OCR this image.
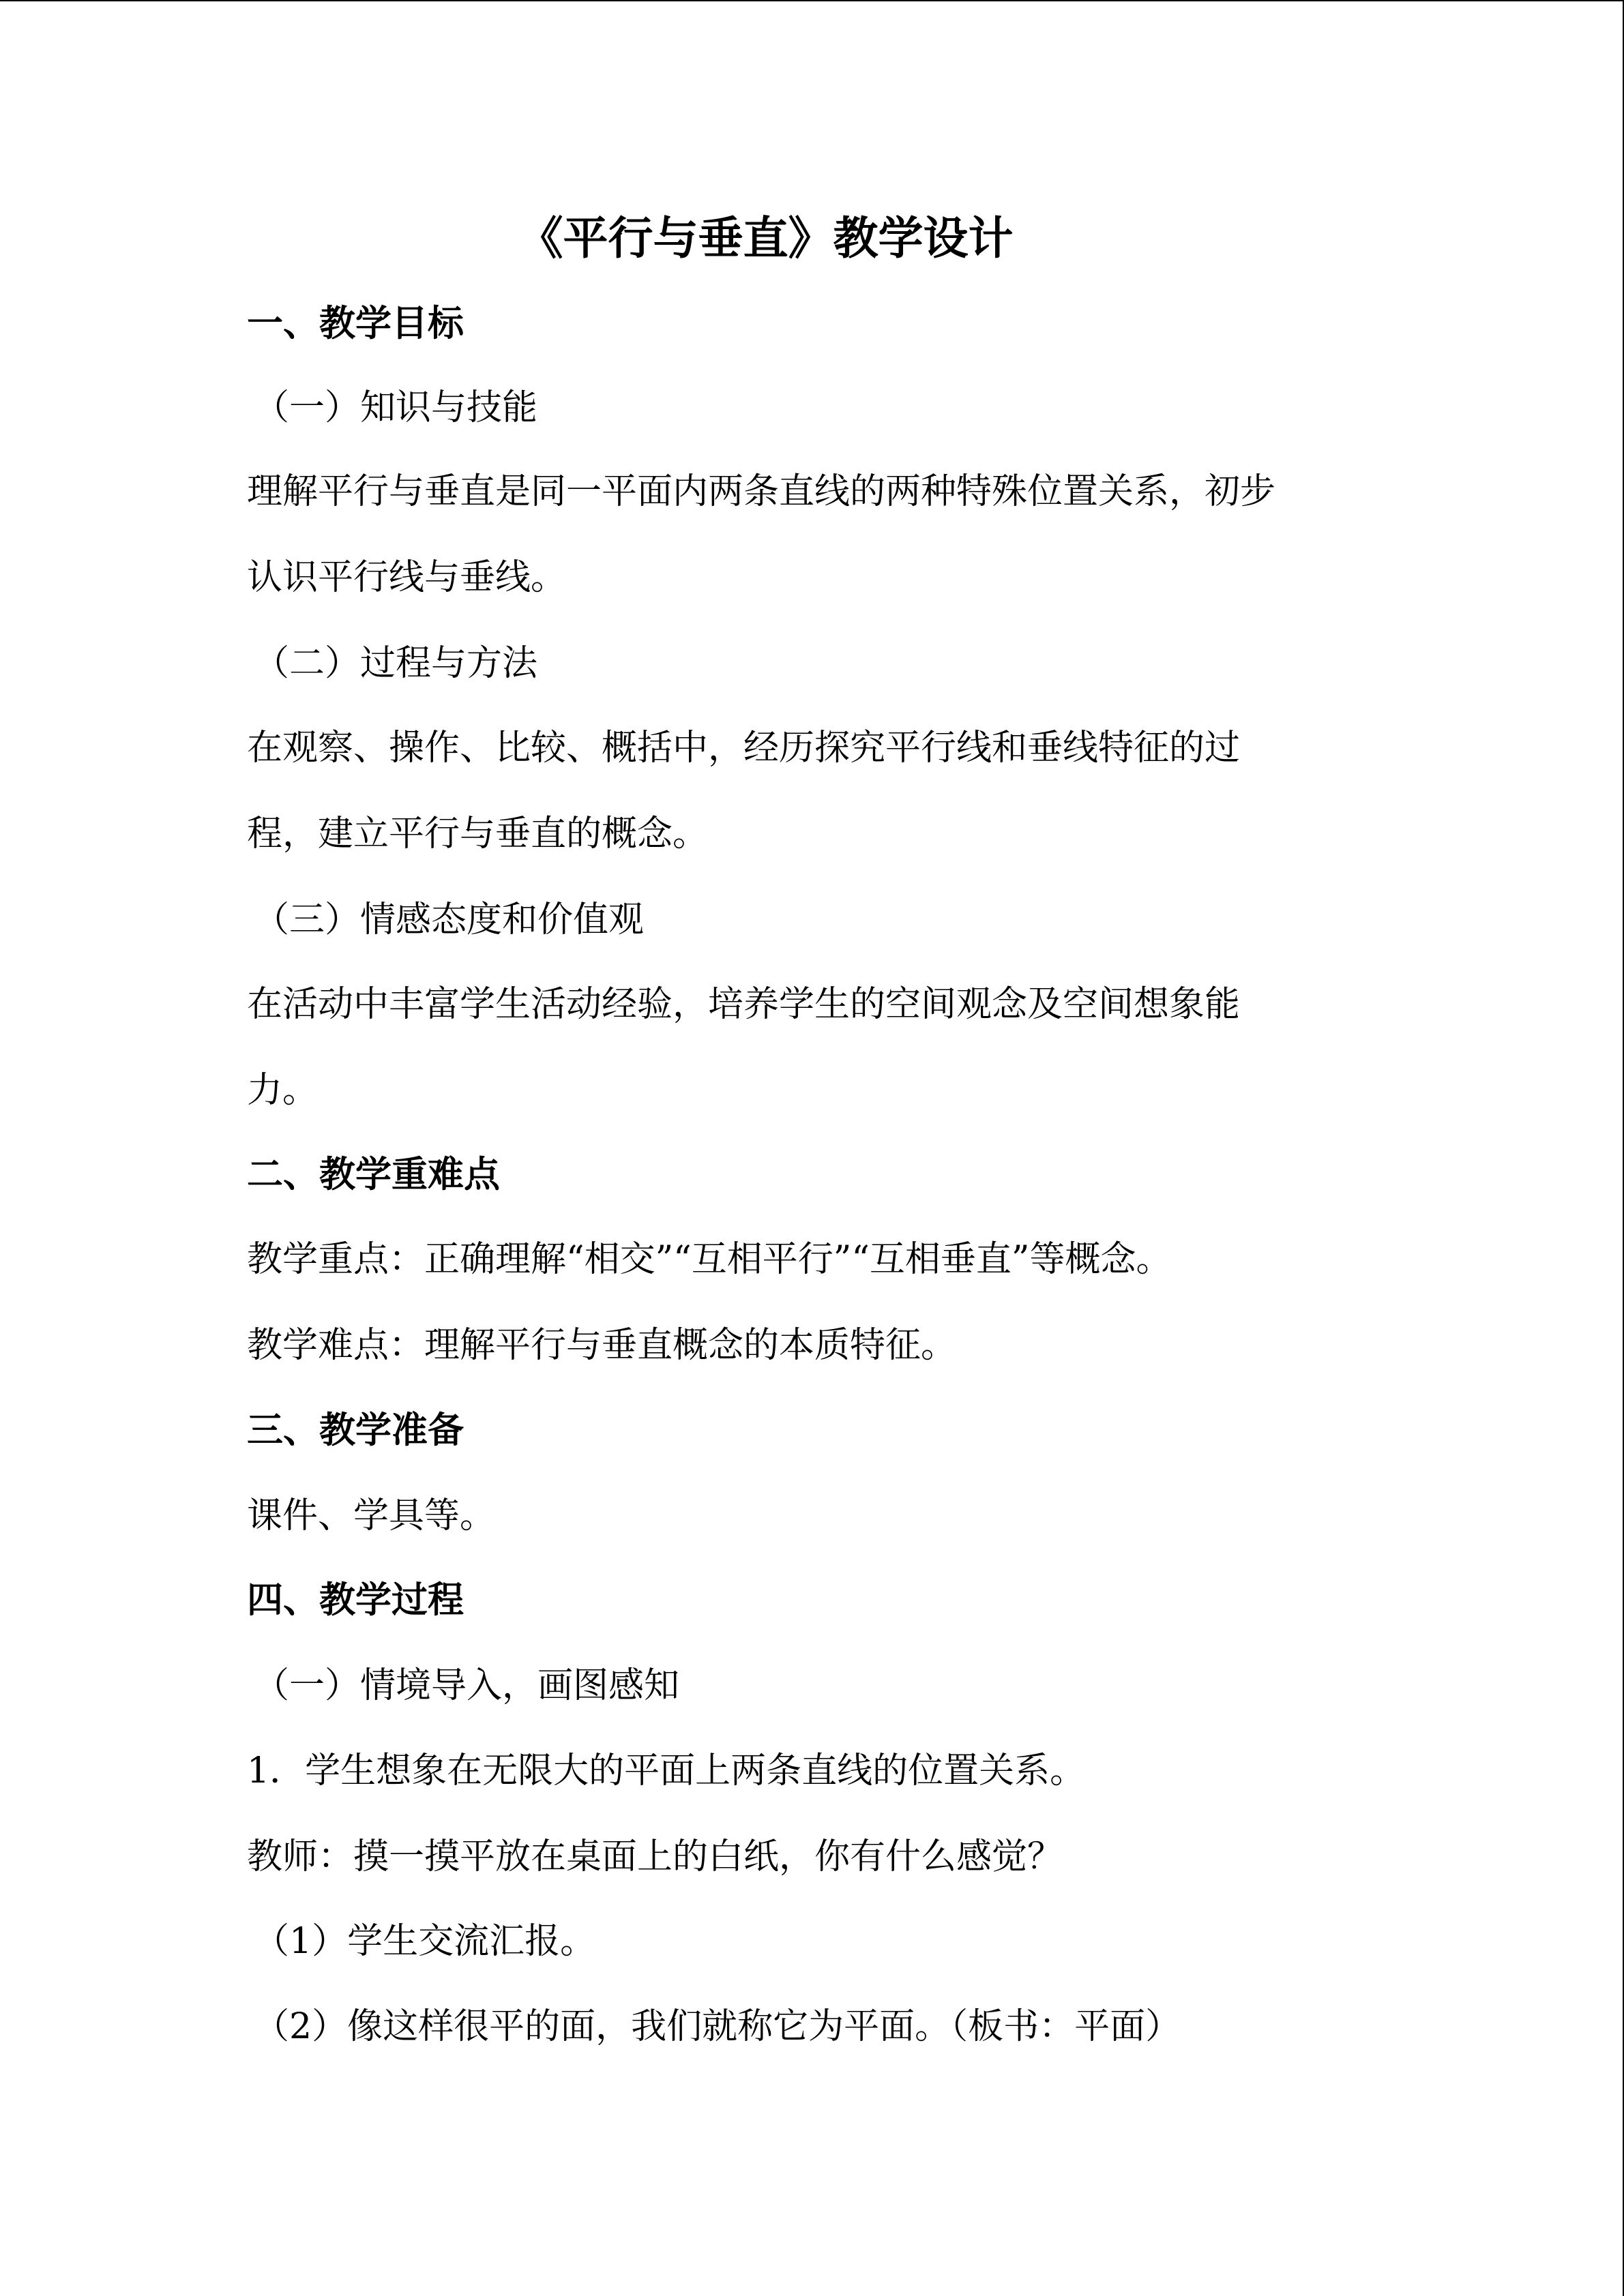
《平行与垂直》教学设计

一、教学目标

（一）知识与技能

理解平行与垂直是同一平面内两条直线的两种特殊位置关系，初步

认识平行线与垂线。

（二）过程与方法

在观察、操作、比较、概括中，经历探究平行线和垂线特征的过

程，建立平行与垂直的概念。

（三）情感态度和价值观

在活动中丰富学生活动经验，培养学生的空间观念及空间想象能

力。

二、教学重难点

教学重点：正确理解“相交”“互相平行”“互相垂直”等概念。

教学难点：理解平行与垂直概念的本质特征。

三、教学准备

课件、学具等。

四、教学过程

（一）情境导入，画图感知

1．学生想象在无限大的平面上两条直线的位置关系。

教师：摸一摸平放在桌面上的白纸，你有什么感觉？

（1）学生交流汇报。

（2）像这样很平的面，我们就称它为平面。（板书：平面）
